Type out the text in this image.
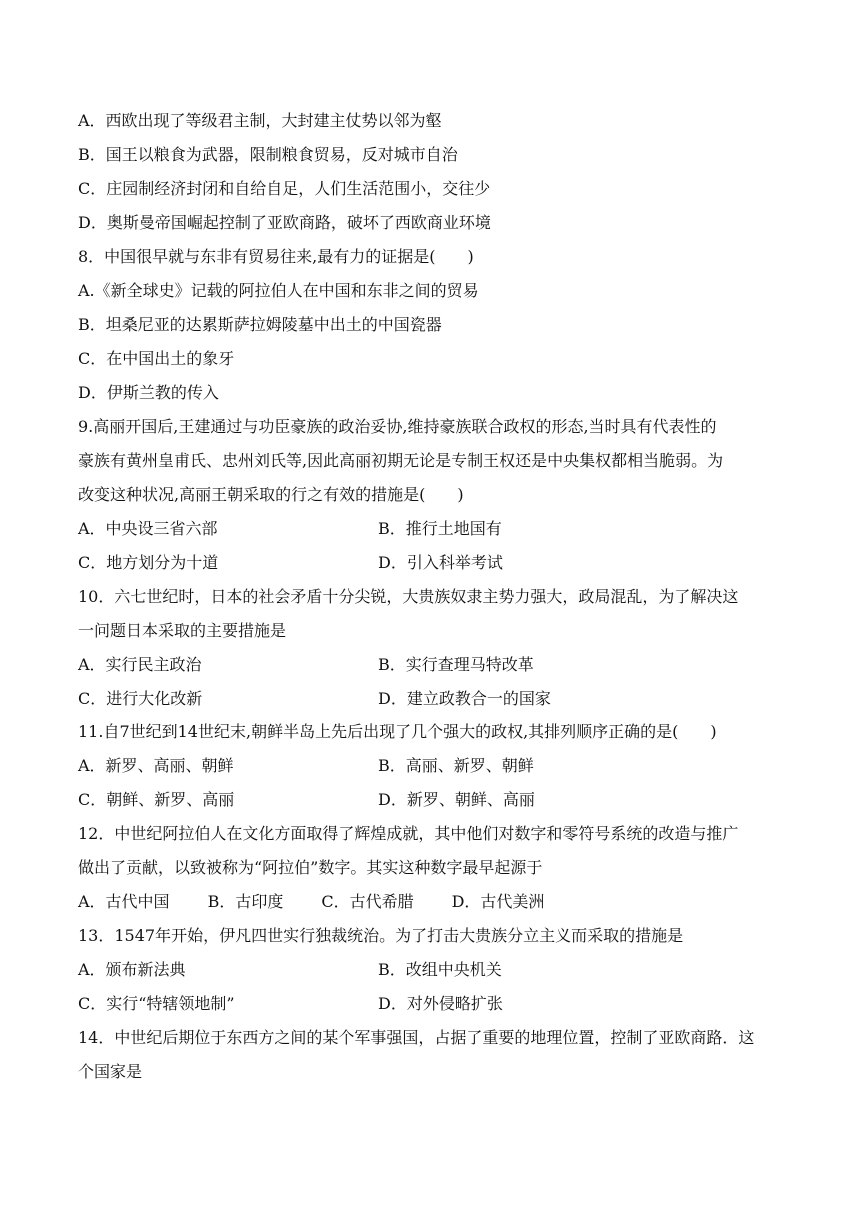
A．西欧出现了等级君主制，大封建主仗势以邻为壑
B．国王以粮食为武器，限制粮食贸易，反对城市自治
C．庄园制经济封闭和自给自足，人们生活范围小，交往少
D．奥斯曼帝国崛起控制了亚欧商路，破坏了西欧商业环境
8．中国很早就与东非有贸易往来,最有力的证据是(　　)
A.《新全球史》记载的阿拉伯人在中国和东非之间的贸易
B．坦桑尼亚的达累斯萨拉姆陵墓中出土的中国瓷器
C．在中国出土的象牙
D．伊斯兰教的传入
9.高丽开国后,王建通过与功臣豪族的政治妥协,维持豪族联合政权的形态,当时具有代表性的
豪族有黄州皇甫氏、忠州刘氏等,因此高丽初期无论是专制王权还是中央集权都相当脆弱。为
改变这种状况,高丽王朝采取的行之有效的措施是(　　)
A．中央设三省六部	B．推行土地国有
C．地方划分为十道	D．引入科举考试
10．六七世纪时，日本的社会矛盾十分尖锐，大贵族奴隶主势力强大，政局混乱，为了解决这
一问题日本采取的主要措施是
A．实行民主政治	B．实行查理马特改革
C．进行大化改新	D．建立政教合一的国家
11.自7世纪到14世纪末,朝鲜半岛上先后出现了几个强大的政权,其排列顺序正确的是(　　)
A．新罗、高丽、朝鲜	B．高丽、新罗、朝鲜
C．朝鲜、新罗、高丽	D．新罗、朝鲜、高丽
12．中世纪阿拉伯人在文化方面取得了辉煌成就，其中他们对数字和零符号系统的改造与推广
做出了贡献，以致被称为“阿拉伯”数字。其实这种数字最早起源于
A．古代中国 B．古印度 C．古代希腊 D．古代美洲
13．1547年开始，伊凡四世实行独裁统治。为了打击大贵族分立主义而采取的措施是
A．颁布新法典	B．改组中央机关
C．实行“特辖领地制”	D．对外侵略扩张
14．中世纪后期位于东西方之间的某个军事强国，占据了重要的地理位置，控制了亚欧商路．这
个国家是
